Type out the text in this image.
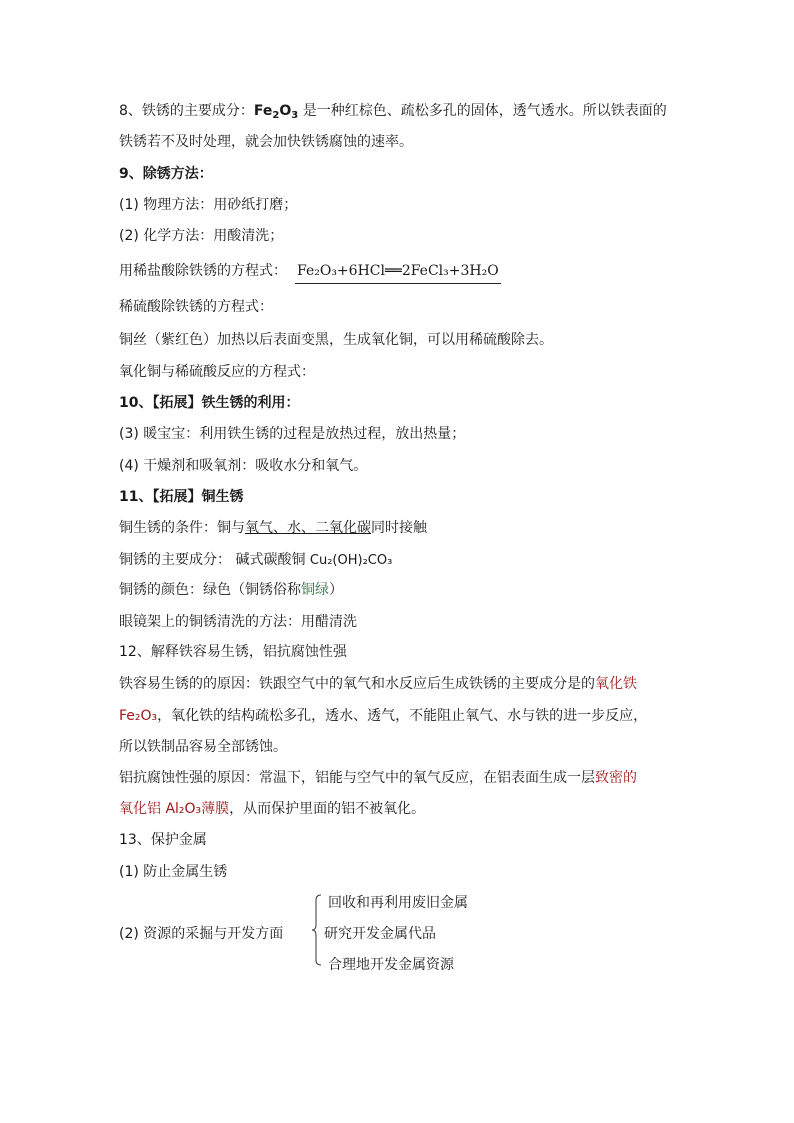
8、铁锈的主要成分：$Fe_2O_3$ 是一种红棕色、疏松多孔的固体，透气透水。所以铁表面的
铁锈若不及时处理，就会加快铁锈腐蚀的速率。
9、除锈方法：
(1) 物理方法：用砂纸打磨；
(2) 化学方法：用酸清洗；
用稀盐酸除铁锈的方程式： Fe₂O₃+6HCl══2FeCl₃+3H₂O
稀硫酸除铁锈的方程式：
铜丝（紫红色）加热以后表面变黑，生成氧化铜，可以用稀硫酸除去。
氧化铜与稀硫酸反应的方程式：
10、【拓展】铁生锈的利用：
(3) 暖宝宝：利用铁生锈的过程是放热过程，放出热量；
(4) 干燥剂和吸氧剂：吸收水分和氧气。
11、【拓展】铜生锈
铜生锈的条件：铜与氧气、水、二氧化碳同时接触
铜锈的主要成分： 碱式碳酸铜 Cu₂(OH)₂CO₃
铜锈的颜色：绿色（铜锈俗称铜绿）
眼镜架上的铜锈清洗的方法：用醋清洗
12、解释铁容易生锈，铝抗腐蚀性强
铁容易生锈的的原因：铁跟空气中的氧气和水反应后生成铁锈的主要成分是的氧化铁
Fe₂O₃，氧化铁的结构疏松多孔，透水、透气，不能阻止氧气、水与铁的进一步反应，
所以铁制品容易全部锈蚀。
铝抗腐蚀性强的原因：常温下，铝能与空气中的氧气反应，在铝表面生成一层致密的
氧化铝 Al₂O₃薄膜，从而保护里面的铝不被氧化。
13、保护金属
(1) 防止金属生锈
(2) 资源的采掘与开发方面
回收和再利用废旧金属
研究开发金属代品
合理地开发金属资源
